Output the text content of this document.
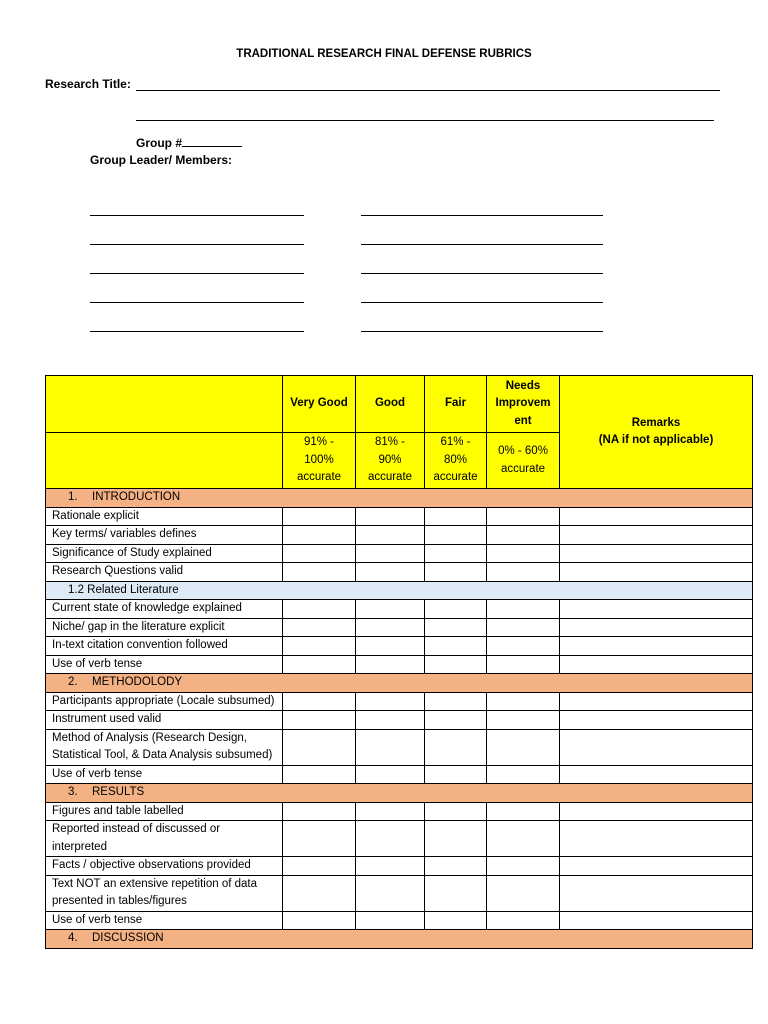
TRADITIONAL RESEARCH FINAL DEFENSE RUBRICS
Research Title:
Group #
Group Leader/ Members:
	Very Good	Good	Fair	Needs Improvem ent	Remarks
(NA if not applicable)

	91% - 100% accurate	81% - 90% accurate	61% - 80% accurate	0% - 60% accurate	
1. INTRODUCTION					
Rationale explicit					
Key terms/ variables defines					
Significance of Study explained					
Research Questions valid					
1.2 Related Literature					
Current state of knowledge explained					
Niche/ gap in the literature explicit					
In-text citation convention followed					
Use of verb tense					
2. METHODOLODY					
Participants appropriate (Locale subsumed)					
Instrument used valid					
Method of Analysis (Research Design, Statistical Tool, & Data Analysis subsumed)					
Use of verb tense					
3. RESULTS					
Figures and table labelled					
Reported instead of discussed or interpreted					
Facts / objective observations provided					
Text NOT an extensive repetition of data presented in tables/figures					
Use of verb tense					
4. DISCUSSION					
